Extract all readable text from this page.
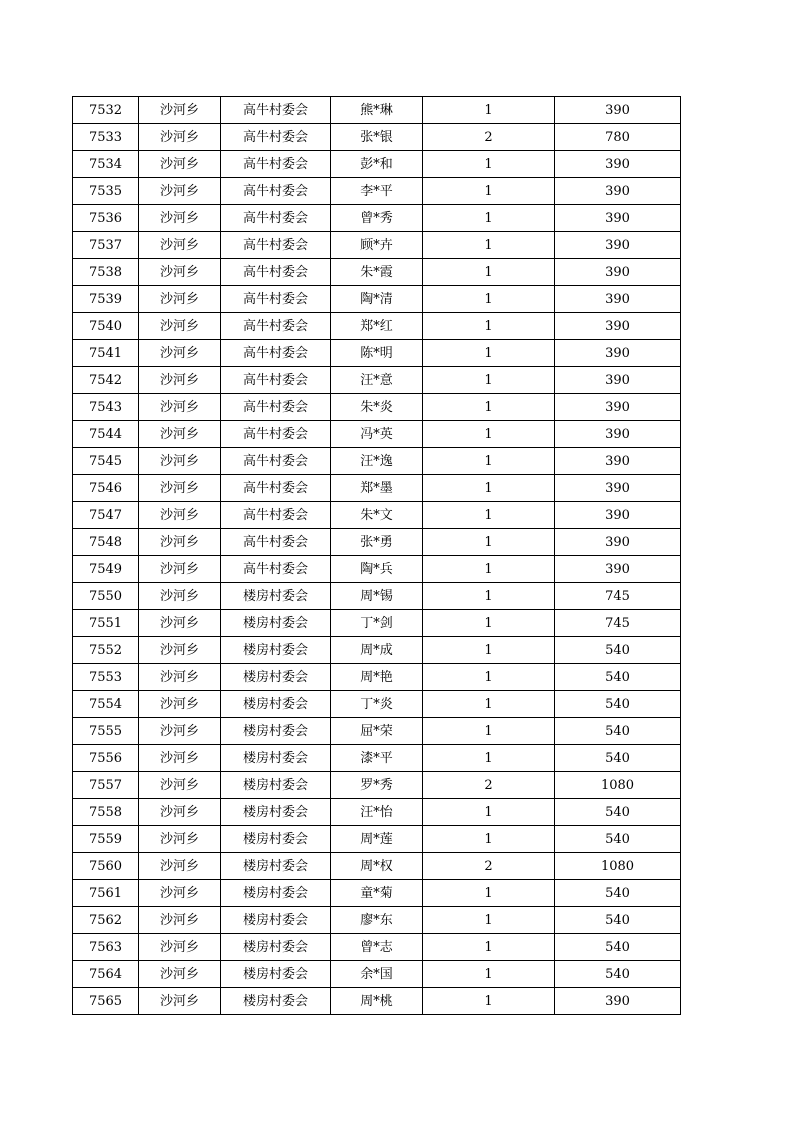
7532	沙河乡	高牛村委会	熊*琳	1	390
7533	沙河乡	高牛村委会	张*银	2	780
7534	沙河乡	高牛村委会	彭*和	1	390
7535	沙河乡	高牛村委会	李*平	1	390
7536	沙河乡	高牛村委会	曾*秀	1	390
7537	沙河乡	高牛村委会	顾*卉	1	390
7538	沙河乡	高牛村委会	朱*霞	1	390
7539	沙河乡	高牛村委会	陶*清	1	390
7540	沙河乡	高牛村委会	郑*红	1	390
7541	沙河乡	高牛村委会	陈*明	1	390
7542	沙河乡	高牛村委会	汪*意	1	390
7543	沙河乡	高牛村委会	朱*炎	1	390
7544	沙河乡	高牛村委会	冯*英	1	390
7545	沙河乡	高牛村委会	汪*逸	1	390
7546	沙河乡	高牛村委会	郑*墨	1	390
7547	沙河乡	高牛村委会	朱*文	1	390
7548	沙河乡	高牛村委会	张*勇	1	390
7549	沙河乡	高牛村委会	陶*兵	1	390
7550	沙河乡	楼房村委会	周*锡	1	745
7551	沙河乡	楼房村委会	丁*剑	1	745
7552	沙河乡	楼房村委会	周*成	1	540
7553	沙河乡	楼房村委会	周*艳	1	540
7554	沙河乡	楼房村委会	丁*炎	1	540
7555	沙河乡	楼房村委会	屈*荣	1	540
7556	沙河乡	楼房村委会	漆*平	1	540
7557	沙河乡	楼房村委会	罗*秀	2	1080
7558	沙河乡	楼房村委会	汪*怡	1	540
7559	沙河乡	楼房村委会	周*莲	1	540
7560	沙河乡	楼房村委会	周*权	2	1080
7561	沙河乡	楼房村委会	童*菊	1	540
7562	沙河乡	楼房村委会	廖*东	1	540
7563	沙河乡	楼房村委会	曾*志	1	540
7564	沙河乡	楼房村委会	余*国	1	540
7565	沙河乡	楼房村委会	周*桃	1	390
